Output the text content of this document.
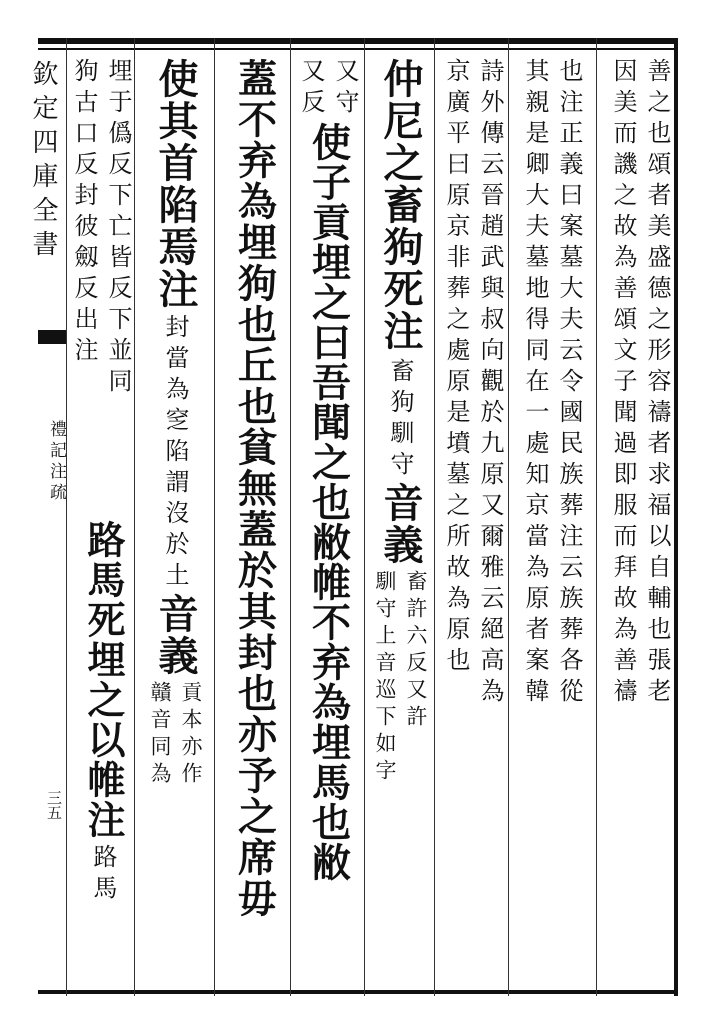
欽定四庫全書
禮記注疏
三五
善之也頌者美盛德之形容禱者求福以自輔也張老
因美而譏之故為善頌文子聞過即服而拜故為善禱
也注正義曰案墓大夫云令國民族葬注云族葬各從
其親是卿大夫墓地得同在一處知京當為原者案韓
詩外傳云晉趙武與叔向觀於九原又爾雅云絕高為
京廣平曰原京非葬之處原是墳墓之所故為原也
仲尼之畜狗死注
畜狗馴守
音義
畜許六反又許
馴守上音巡下如字
又守
又反
使子貢埋之曰吾聞之也敝帷不弃為埋馬也敝
蓋不弃為埋狗也丘也貧無蓋於其封也亦予之席毋
使其首陷焉注
封當為窆陷謂沒於土
音義
貢本亦作
贛音同為
埋于僞反下亡皆反下並同
狗古口反封彼劔反出注
路馬死埋之以帷注
路馬
